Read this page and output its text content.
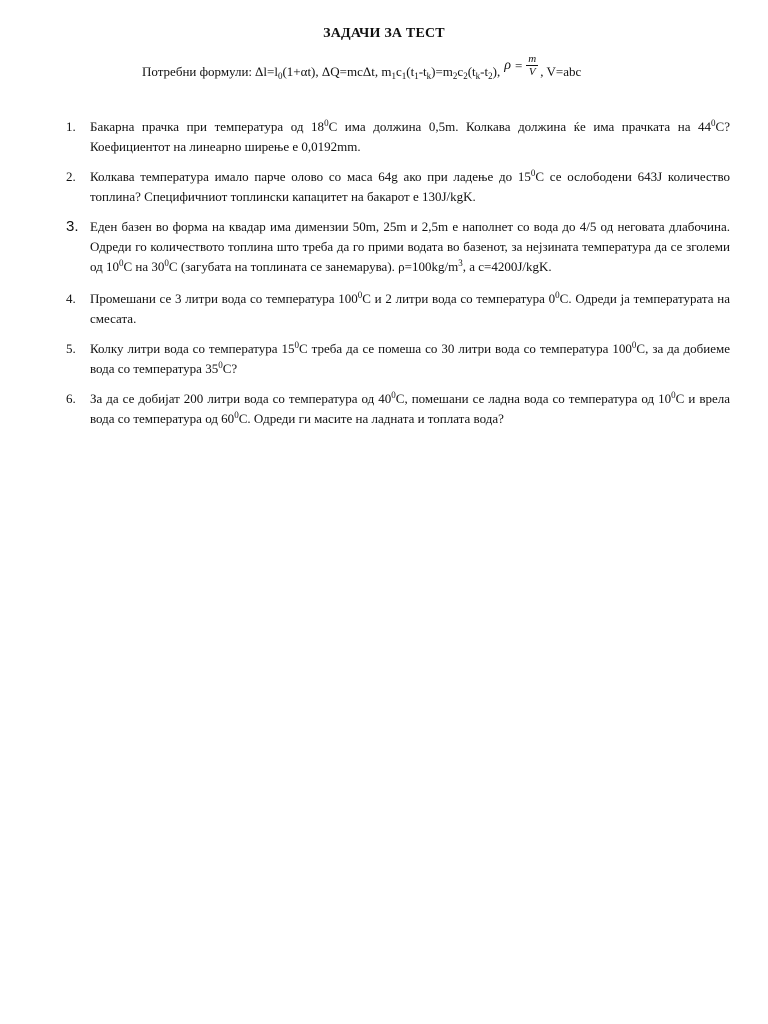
ЗАДАЧИ ЗА ТЕСТ
Потребни формули: $\Delta l=l_0(1+\alpha t)$,
ΔQ=mcΔt,
$m_1c_1(t_1-t_k)=m_2c_2(t_k-t_2)$, $\rho = \frac{m}{V}$ , V=abc
1.	Бакарна прачка при температура од $18^0C$ има должина 0,5m. Колкава должина ќе има прачката на $44^0C$? Коефициентот на линеарно ширење е 0,0192mm.
2.	Колкава температура имало парче олово со маса 64g ако при ладење до $15^0C$ се ослободени 643J количество топлина? Специфичниот топлински капацитет на бакарот е 130J/kgK.
3. Еден базен во форма на квадар има димензии 50m, 25m и 2,5m е наполнет со вода до 4/5 од неговата длабочина. Одреди го количеството топлина што треба да го прими водата во базенот, за нејзината температура да се зголеми од $10^0C$ на $30^0C$ (загубата на топлината се занемарува). $\rho=100kg/m^3$, а c=4200J/kgK.
4.	Промешани се 3 литри вода со температура $100^0C$ и 2 литри вода со температура $0^0C$. Одреди ја температурата на смесата.
5.	Колку литри вода со температура $15^0C$ треба да се помеша со 30 литри вода со температура $100^0C$, за да добиеме вода со температура $35^0C$?
6.	За да се добијат 200 литри вода со температура од $40^0C$, помешани се ладна вода со температура од $10^0C$ и врела вода со температура од $60^0C$. Одреди ги масите на ладната и топлата вода?
